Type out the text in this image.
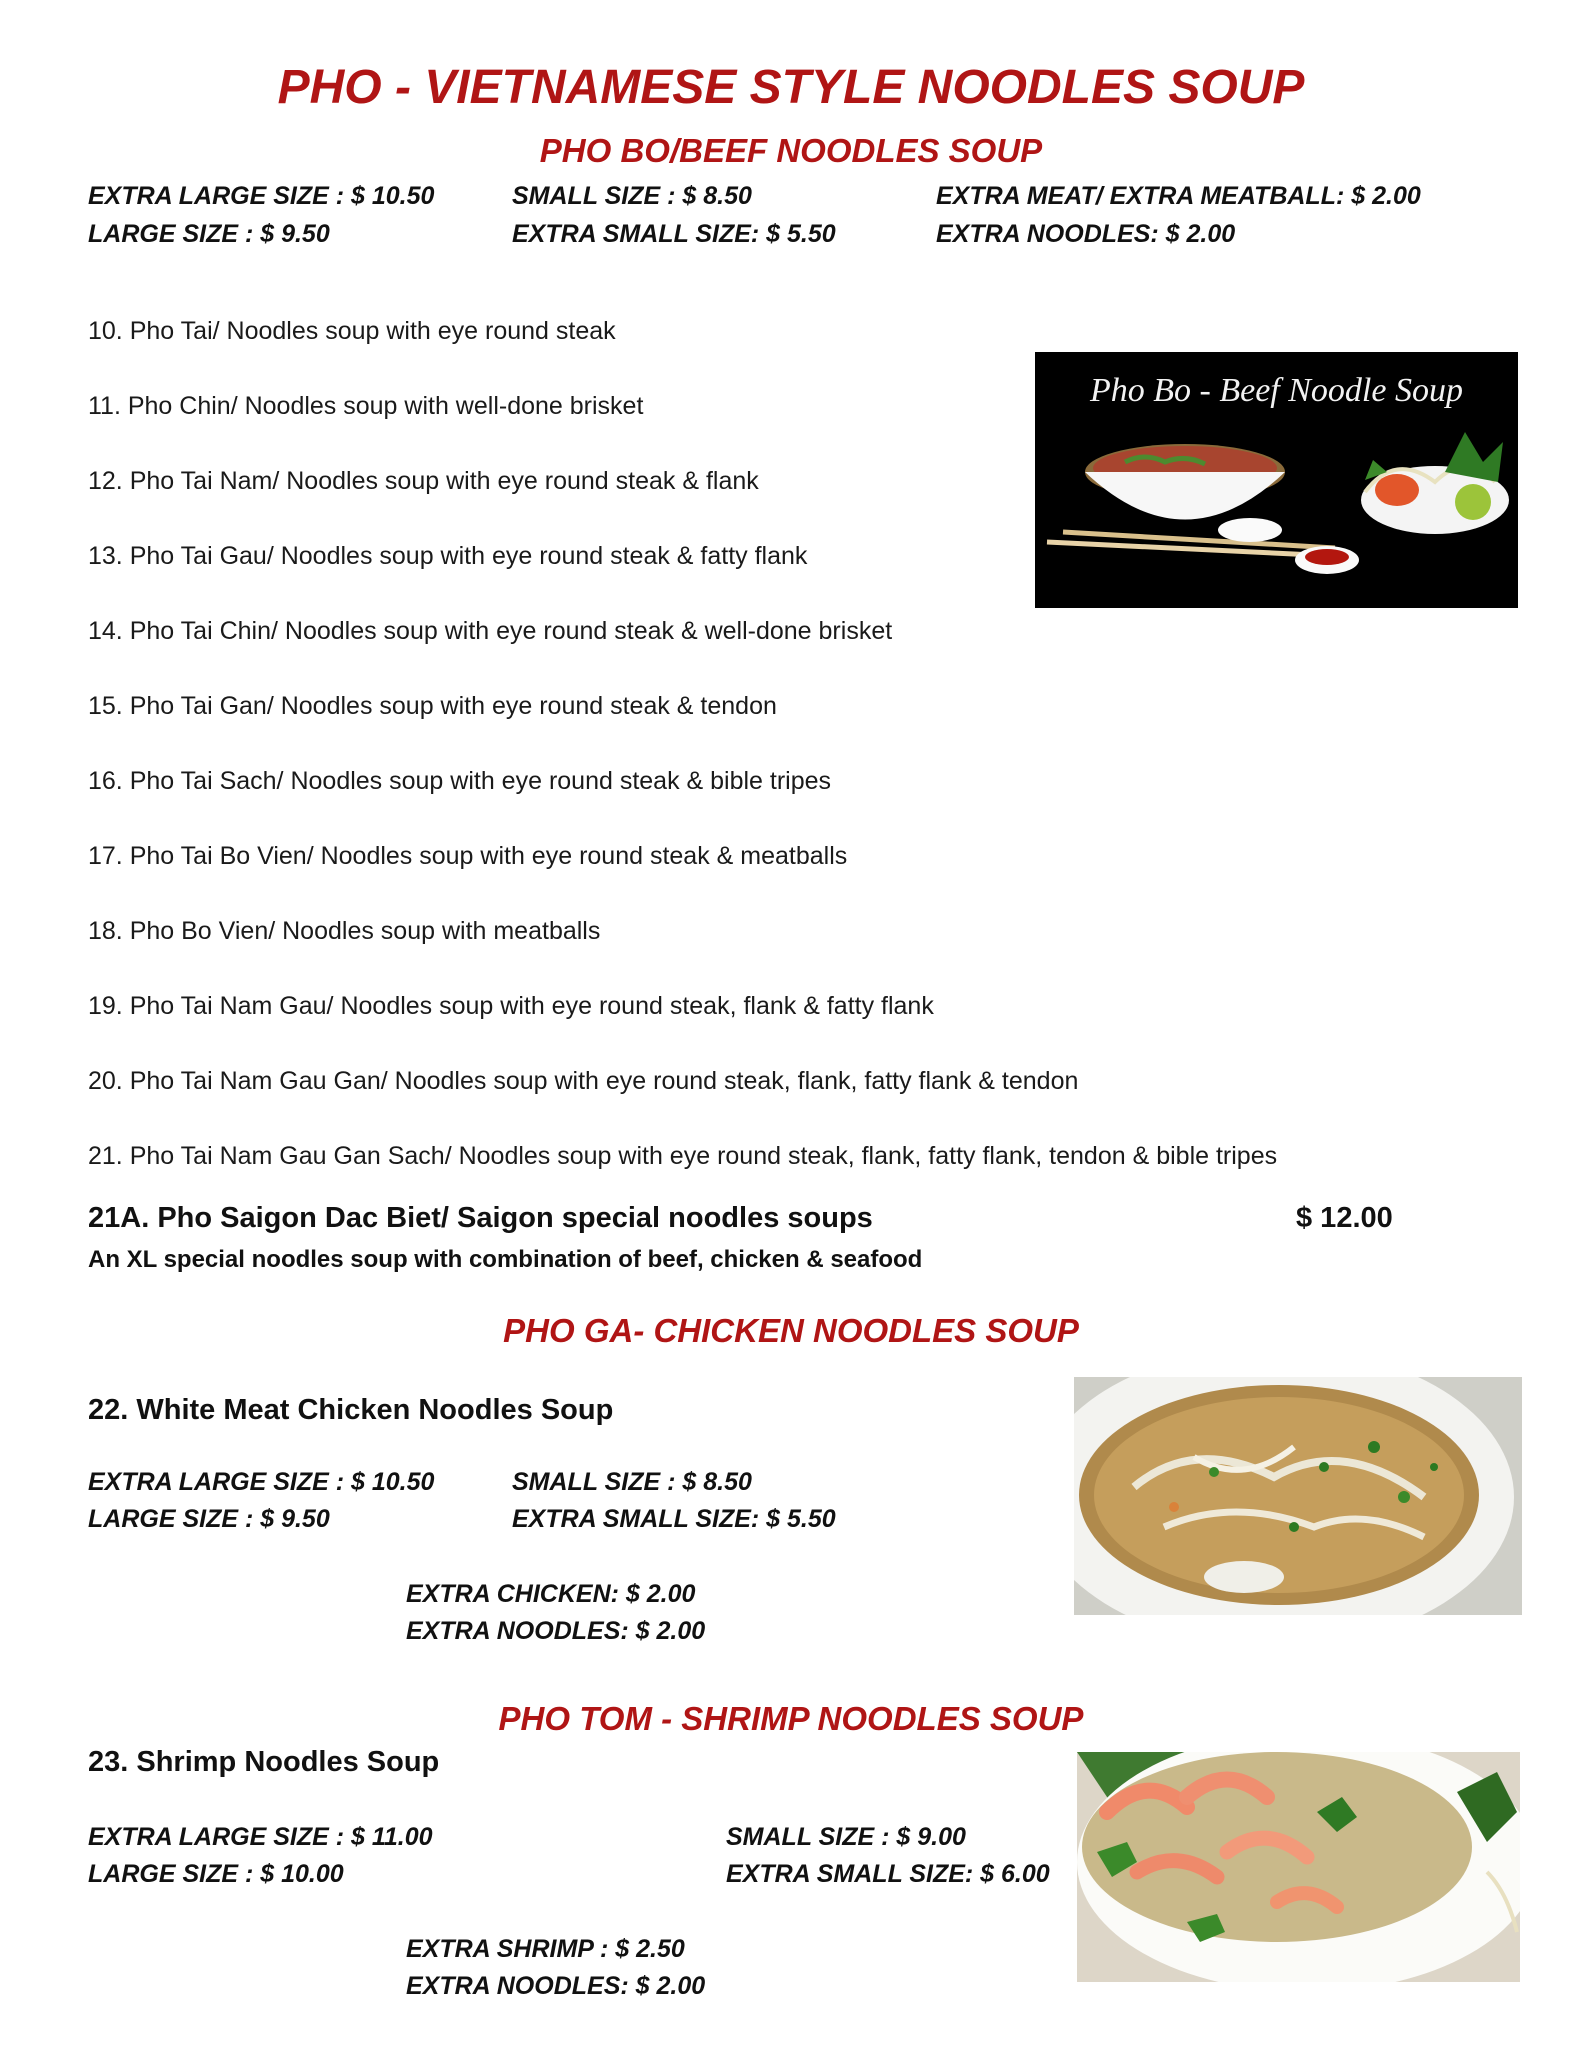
PHO - VIETNAMESE STYLE NOODLES SOUP
PHO BO/BEEF NOODLES SOUP
EXTRA LARGE SIZE : $ 10.50
LARGE SIZE : $ 9.50
SMALL SIZE : $ 8.50
EXTRA SMALL SIZE: $ 5.50
EXTRA MEAT/ EXTRA MEATBALL: $ 2.00
EXTRA NOODLES: $ 2.00
10. Pho Tai/ Noodles soup with eye round steak
11. Pho Chin/ Noodles soup with well-done brisket
12. Pho Tai Nam/ Noodles soup with eye round steak & flank
13. Pho Tai Gau/ Noodles soup with eye round steak & fatty flank
14. Pho Tai Chin/ Noodles soup with eye round steak & well-done brisket
15. Pho Tai Gan/ Noodles soup with eye round steak & tendon
16. Pho Tai Sach/ Noodles soup with eye round steak & bible tripes
17. Pho Tai Bo Vien/ Noodles soup with eye round steak & meatballs
18. Pho Bo Vien/ Noodles soup with meatballs
19. Pho Tai Nam Gau/ Noodles soup with eye round steak, flank & fatty flank
20. Pho Tai Nam Gau Gan/ Noodles soup with eye round steak, flank, fatty flank & tendon
21. Pho Tai Nam Gau Gan Sach/ Noodles soup with eye round steak, flank, fatty flank, tendon & bible tripes
Pho Bo - Beef Noodle Soup
21A. Pho Saigon Dac Biet/ Saigon special noodles soups	$ 12.00
An XL special noodles soup with combination of beef, chicken & seafood
PHO GA- CHICKEN NOODLES SOUP
22. White Meat Chicken Noodles Soup
EXTRA LARGE SIZE : $ 10.50
LARGE SIZE : $ 9.50
SMALL SIZE : $ 8.50
EXTRA SMALL SIZE: $ 5.50
EXTRA CHICKEN: $ 2.00
EXTRA NOODLES: $ 2.00
PHO TOM - SHRIMP NOODLES SOUP
23. Shrimp Noodles Soup
EXTRA LARGE SIZE : $ 11.00
LARGE SIZE : $ 10.00
SMALL SIZE : $ 9.00
EXTRA SMALL SIZE: $ 6.00
EXTRA SHRIMP : $ 2.50
EXTRA NOODLES: $ 2.00
